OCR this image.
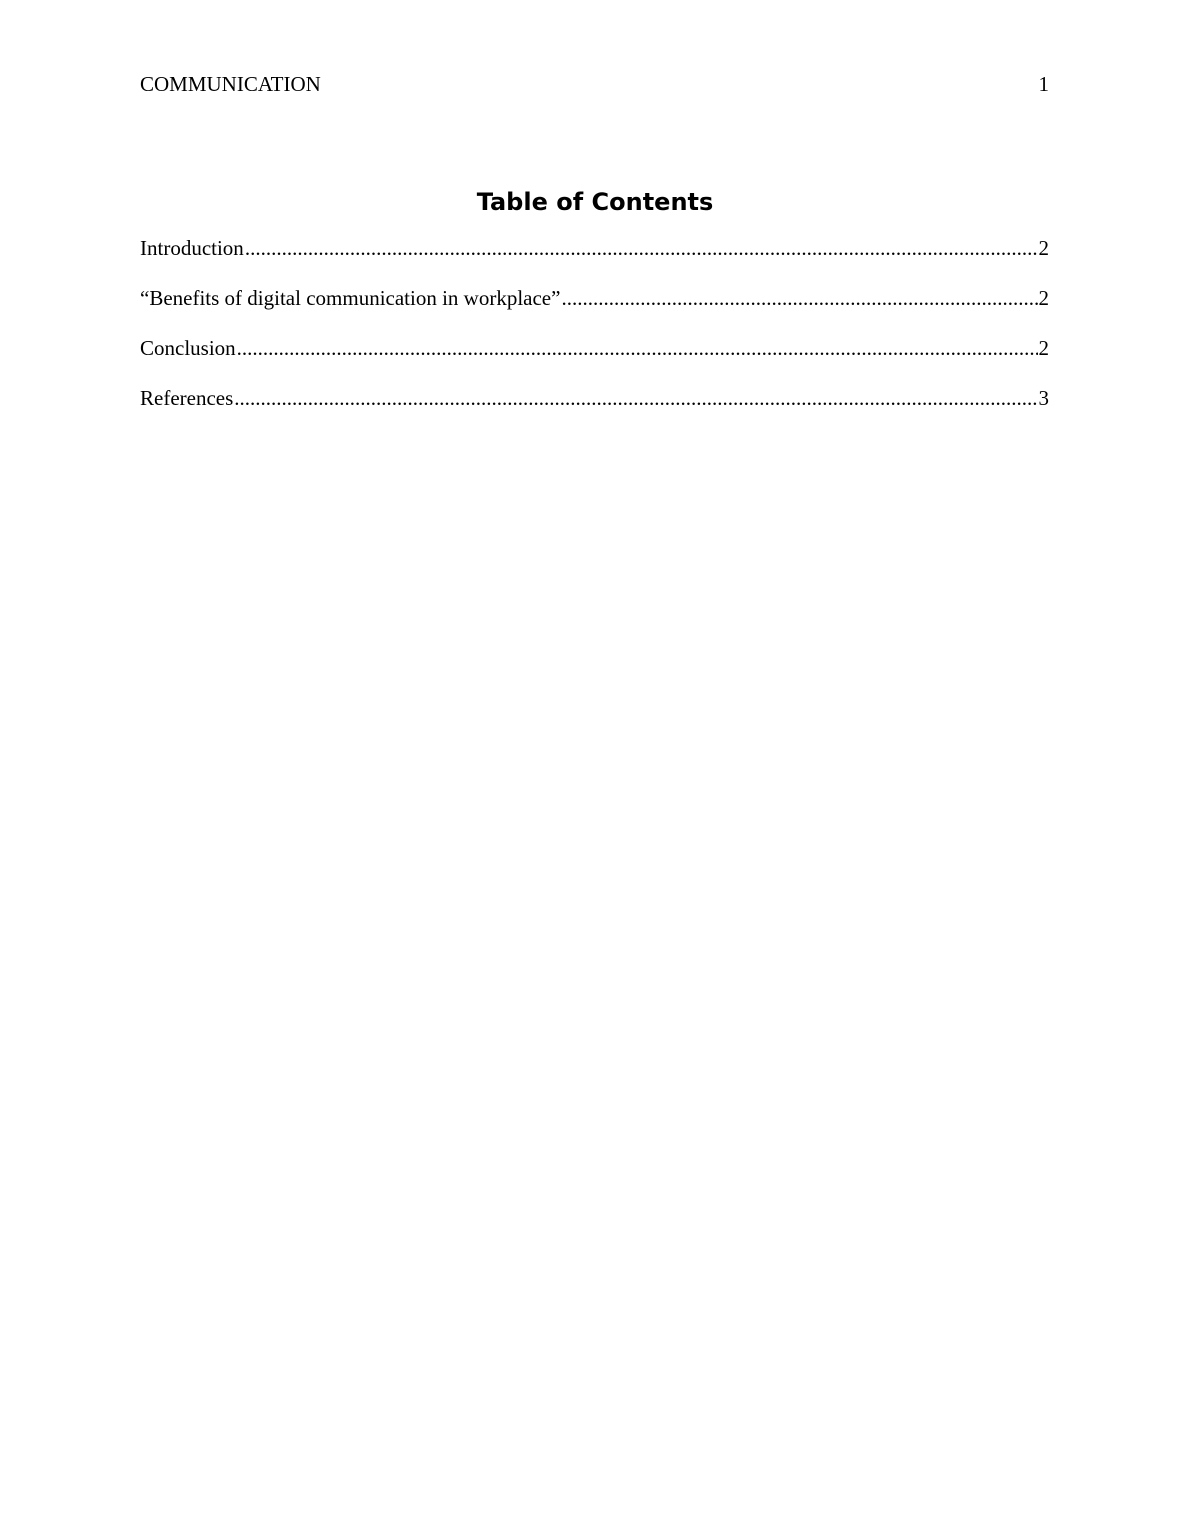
COMMUNICATION	1
Table of Contents
Introduction .....	2
“Benefits of digital communication in workplace” .....	2
Conclusion .....	2
References .....	3
